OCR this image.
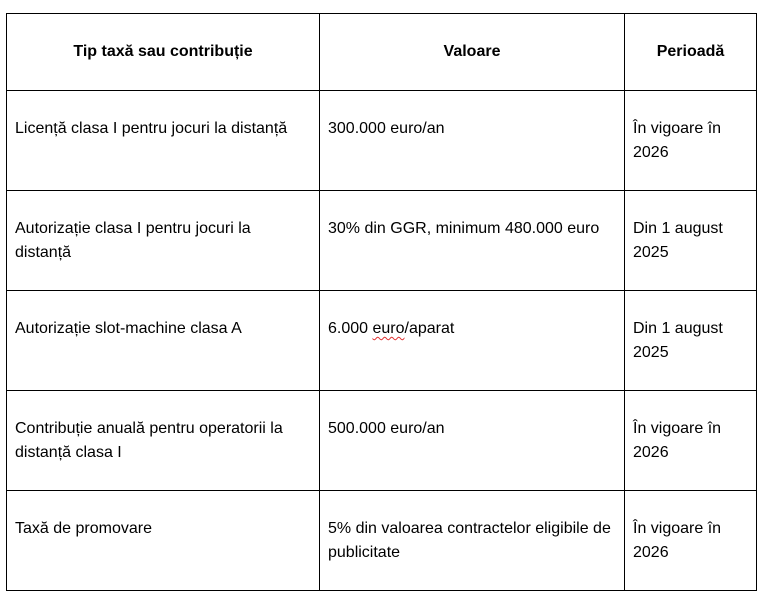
Tip taxă sau contribuție	Valoare	Perioadă
Licență clasa I pentru jocuri la distanță	300.000 euro/an	În vigoare în 2026
Autorizație clasa I pentru jocuri la distanță	30% din GGR, minimum 480.000 euro	Din 1 august 2025
Autorizație slot-machine clasa A	6.000 euro/aparat	Din 1 august 2025
Contribuție anuală pentru operatorii la distanță clasa I	500.000 euro/an	În vigoare în 2026
Taxă de promovare	5% din valoarea contractelor eligibile de publicitate	În vigoare în 2026
